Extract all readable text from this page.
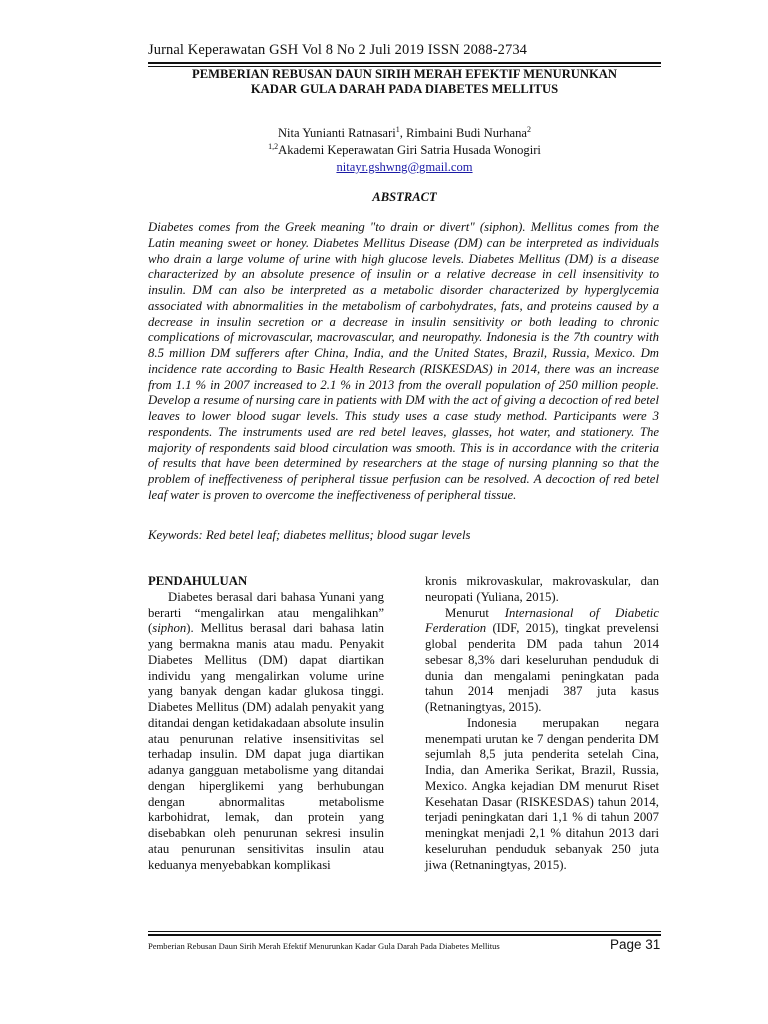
Jurnal Keperawatan GSH Vol 8 No 2 Juli 2019 ISSN 2088-2734
PEMBERIAN REBUSAN DAUN SIRIH MERAH EFEKTIF MENURUNKAN
KADAR GULA DARAH PADA DIABETES MELLITUS
Nita Yunianti Ratnasari$^1$, Rimbaini Budi Nurhana$^2$
$^{1,2}$Akademi Keperawatan Giri Satria Husada Wonogiri
nitayr.gshwng@gmail.com
ABSTRACT

Diabetes comes from the Greek meaning "to drain or divert" (siphon). Mellitus comes from the Latin meaning sweet or honey. Diabetes Mellitus Disease (DM) can be interpreted as individuals who drain a large volume of urine with high glucose levels. Diabetes Mellitus (DM) is a disease characterized by an absolute presence of insulin or a relative decrease in cell insensitivity to insulin. DM can also be interpreted as a metabolic disorder characterized by hyperglycemia associated with abnormalities in the metabolism of carbohydrates, fats, and proteins caused by a decrease in insulin secretion or a decrease in insulin sensitivity or both leading to chronic complications of microvascular, macrovascular, and neuropathy. Indonesia is the 7th country with 8.5 million DM sufferers after China, India, and the United States, Brazil, Russia, Mexico. Dm incidence rate according to Basic Health Research (RISKESDAS) in 2014, there was an increase from 1.1 % in 2007 increased to 2.1 % in 2013 from the overall population of 250 million people. Develop a resume of nursing care in patients with DM with the act of giving a decoction of red betel leaves to lower blood sugar levels. This study uses a case study method. Participants were 3 respondents. The instruments used are red betel leaves, glasses, hot water, and stationery. The majority of respondents said blood circulation was smooth. This is in accordance with the criteria of results that have been determined by researchers at the stage of nursing planning so that the problem of ineffectiveness of peripheral tissue perfusion can be resolved. A decoction of red betel leaf water is proven to overcome the ineffectiveness of peripheral tissue.

Keywords: Red betel leaf; diabetes mellitus; blood sugar levels

PENDAHULUAN

Diabetes berasal dari bahasa Yunani yang berarti “mengalirkan atau mengalihkan” (siphon). Mellitus berasal dari bahasa latin yang bermakna manis atau madu. Penyakit Diabetes Mellitus (DM) dapat diartikan individu yang mengalirkan volume urine yang banyak dengan kadar glukosa tinggi. Diabetes Mellitus (DM) adalah penyakit yang ditandai dengan ketidakadaan absolute insulin atau penurunan relative insensitivitas sel terhadap insulin. DM dapat juga diartikan adanya gangguan metabolisme yang ditandai dengan hiperglikemi yang berhubungan dengan abnormalitas metabolisme karbohidrat, lemak, dan protein yang disebabkan oleh penurunan sekresi insulin atau penurunan sensitivitas insulin atau keduanya menyebabkan komplikasi

kronis mikrovaskular, makrovaskular, dan neuropati (Yuliana, 2015).

Menurut Internasional of Diabetic Ferderation (IDF, 2015), tingkat prevelensi global penderita DM pada tahun 2014 sebesar 8,3% dari keseluruhan penduduk di dunia dan mengalami peningkatan pada tahun 2014 menjadi 387 juta kasus (Retnaningtyas, 2015).

Indonesia merupakan negara menempati urutan ke 7 dengan penderita DM sejumlah 8,5 juta penderita setelah Cina, India, dan Amerika Serikat, Brazil, Russia, Mexico. Angka kejadian DM menurut Riset Kesehatan Dasar (RISKESDAS) tahun 2014, terjadi peningkatan dari 1,1 % di tahun 2007 meningkat menjadi 2,1 % ditahun 2013 dari keseluruhan penduduk sebanyak 250 juta jiwa (Retnaningtyas, 2015).

Pemberian Rebusan Daun Sirih Merah Efektif Menurunkan Kadar Gula Darah Pada Diabetes Mellitus	Page 31
